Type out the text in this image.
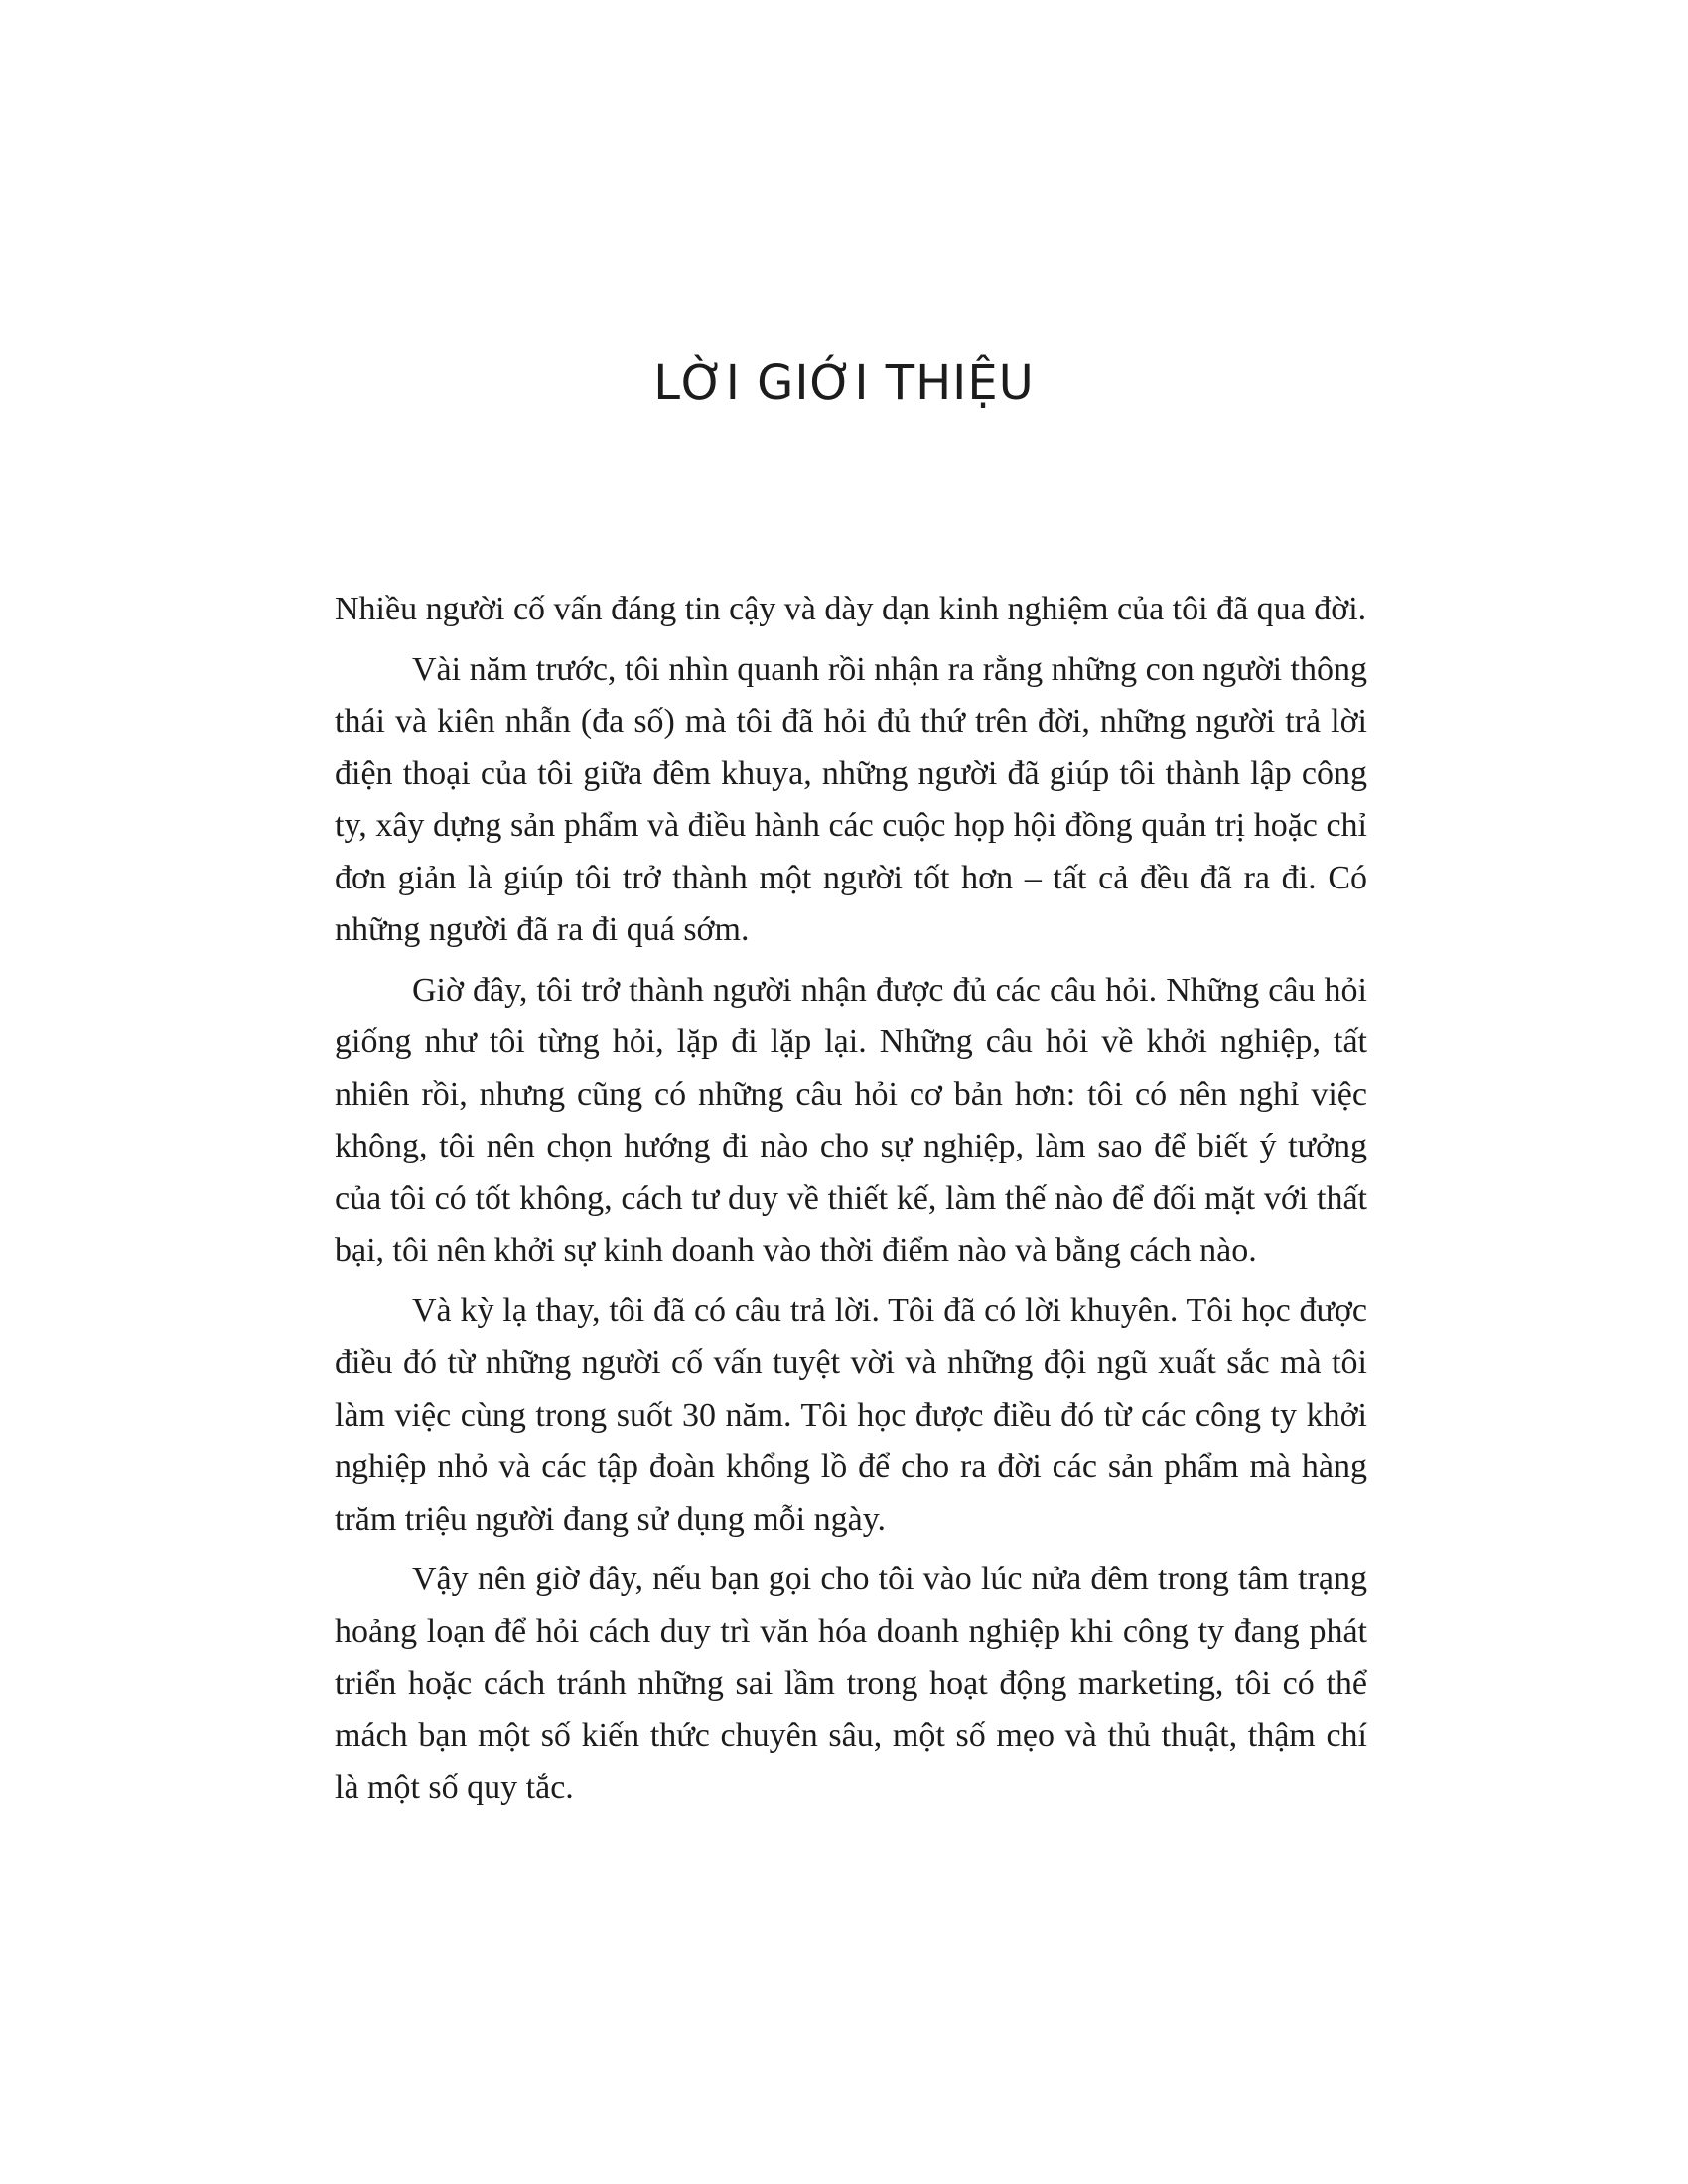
LỜI GIỚI THIỆU

Nhiều người cố vấn đáng tin cậy và dày dạn kinh nghiệm của tôi đã qua đời.

Vài năm trước, tôi nhìn quanh rồi nhận ra rằng những con người thông thái và kiên nhẫn (đa số) mà tôi đã hỏi đủ thứ trên đời, những người trả lời điện thoại của tôi giữa đêm khuya, những người đã giúp tôi thành lập công ty, xây dựng sản phẩm và điều hành các cuộc họp hội đồng quản trị hoặc chỉ đơn giản là giúp tôi trở thành một người tốt hơn – tất cả đều đã ra đi. Có những người đã ra đi quá sớm.

Giờ đây, tôi trở thành người nhận được đủ các câu hỏi. Những câu hỏi giống như tôi từng hỏi, lặp đi lặp lại. Những câu hỏi về khởi nghiệp, tất nhiên rồi, nhưng cũng có những câu hỏi cơ bản hơn: tôi có nên nghỉ việc không, tôi nên chọn hướng đi nào cho sự nghiệp, làm sao để biết ý tưởng của tôi có tốt không, cách tư duy về thiết kế, làm thế nào để đối mặt với thất bại, tôi nên khởi sự kinh doanh vào thời điểm nào và bằng cách nào.

Và kỳ lạ thay, tôi đã có câu trả lời. Tôi đã có lời khuyên. Tôi học được điều đó từ những người cố vấn tuyệt vời và những đội ngũ xuất sắc mà tôi làm việc cùng trong suốt 30 năm. Tôi học được điều đó từ các công ty khởi nghiệp nhỏ và các tập đoàn khổng lồ để cho ra đời các sản phẩm mà hàng trăm triệu người đang sử dụng mỗi ngày.

Vậy nên giờ đây, nếu bạn gọi cho tôi vào lúc nửa đêm trong tâm trạng hoảng loạn để hỏi cách duy trì văn hóa doanh nghiệp khi công ty đang phát triển hoặc cách tránh những sai lầm trong hoạt động marketing, tôi có thể mách bạn một số kiến thức chuyên sâu, một số mẹo và thủ thuật, thậm chí là một số quy tắc.
